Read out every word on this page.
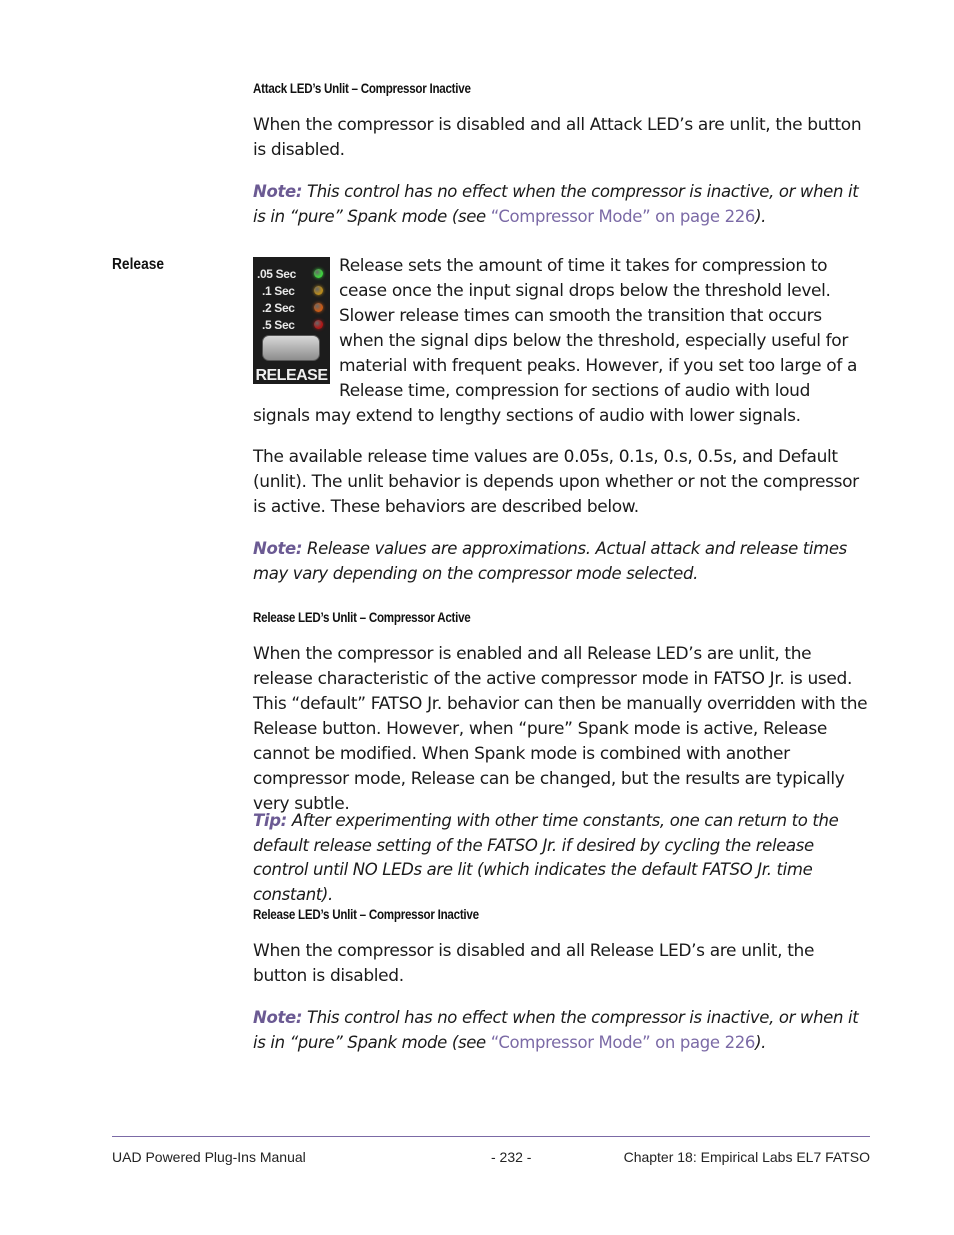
Attack LED’s Unlit – Compressor Inactive
When the compressor is disabled and all Attack LED’s are unlit, the button is disabled.
Note: This control has no effect when the compressor is inactive, or when it is in “pure” Spank mode (see “Compressor Mode” on page 226).
Release
.05 Sec
.1 Sec
.2 Sec
.5 Sec
RELEASE
Release sets the amount of time it takes for compression to cease once the input signal drops below the threshold level. Slower release times can smooth the transition that occurs when the signal dips below the threshold, especially useful for material with frequent peaks. However, if you set too large of a Release time, compression for sections of audio with loud signals may extend to lengthy sections of audio with lower signals.
The available release time values are 0.05s, 0.1s, 0.s, 0.5s, and Default (unlit). The unlit behavior is depends upon whether or not the compressor is active. These behaviors are described below.
Note: Release values are approximations. Actual attack and release times may vary depending on the compressor mode selected.
Release LED’s Unlit – Compressor Active
When the compressor is enabled and all Release LED’s are unlit, the release characteristic of the active compressor mode in FATSO Jr. is used. This “default” FATSO Jr. behavior can then be manually overridden with the Release button. However, when “pure” Spank mode is active, Release cannot be modified. When Spank mode is combined with another compressor mode, Release can be changed, but the results are typically very subtle.
Tip: After experimenting with other time constants, one can return to the default release setting of the FATSO Jr. if desired by cycling the release control until NO LEDs are lit (which indicates the default FATSO Jr. time constant).
Release LED’s Unlit – Compressor Inactive
When the compressor is disabled and all Release LED’s are unlit, the button is disabled.
Note: This control has no effect when the compressor is inactive, or when it is in “pure” Spank mode (see “Compressor Mode” on page 226).
UAD Powered Plug-Ins Manual	- 232 -	Chapter 18: Empirical Labs EL7 FATSO
